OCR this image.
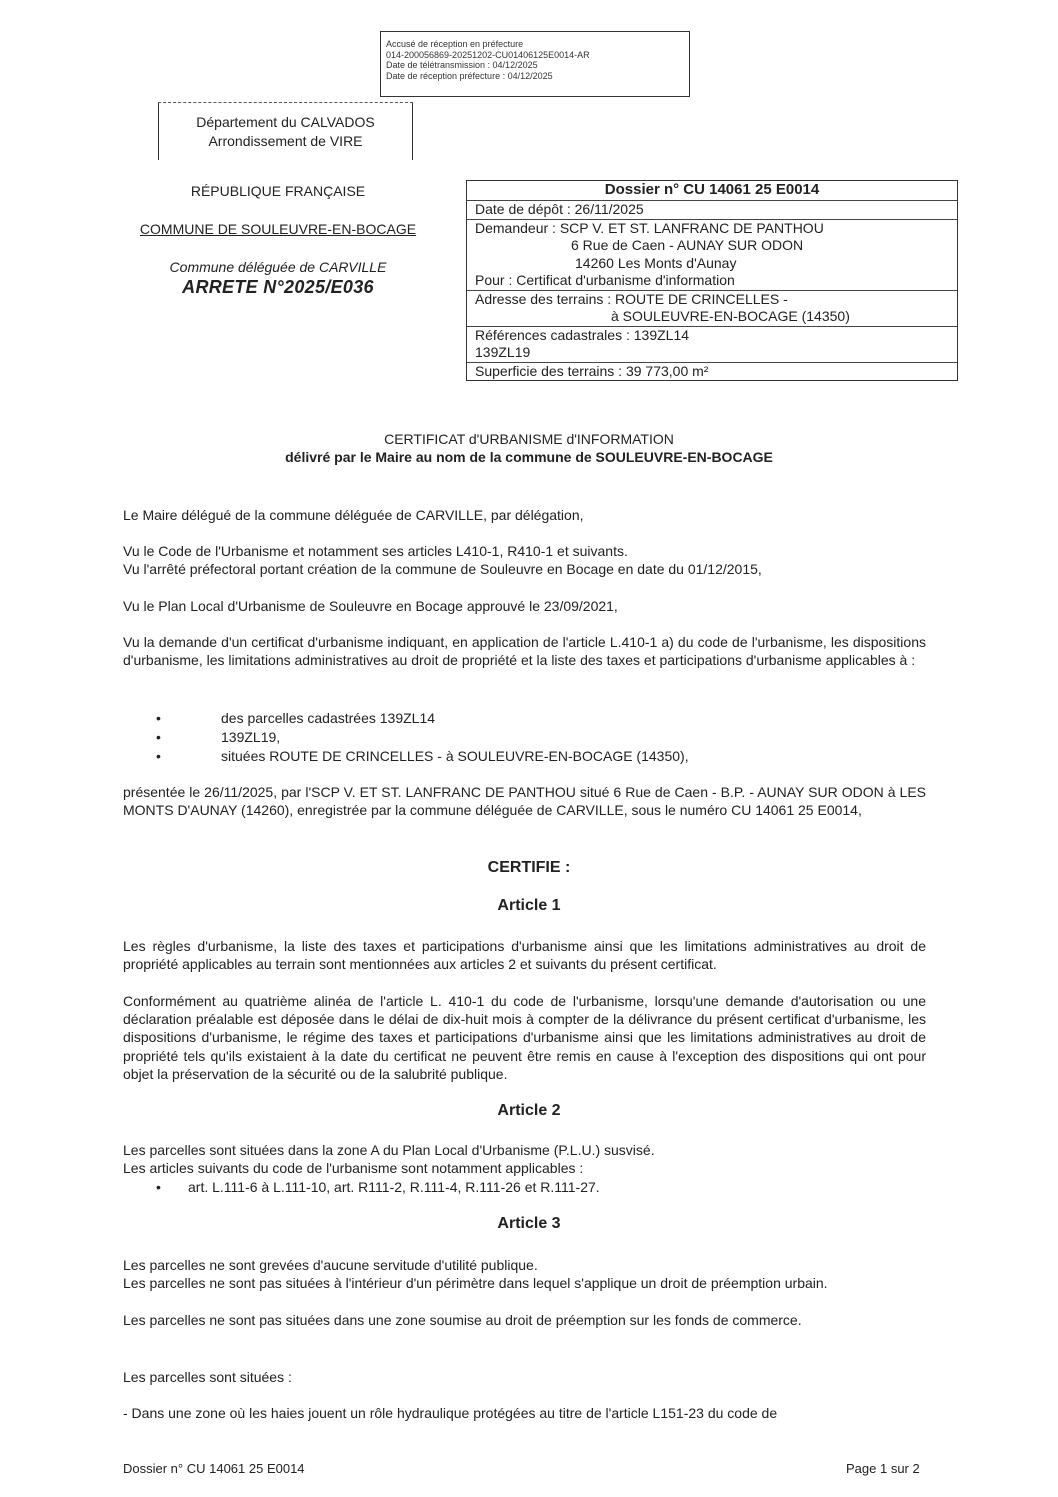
Accusé de réception en préfecture
014-200056869-20251202-CU01406125E0014-AR
Date de télétransmission : 04/12/2025
Date de réception préfecture : 04/12/2025
Département du CALVADOS
Arrondissement de VIRE
RÉPUBLIQUE FRANÇAISE
COMMUNE DE SOULEUVRE-EN-BOCAGE
Commune déléguée de CARVILLE
ARRETE N°2025/E036
Dossier n° CU 14061 25 E0014
Date de dépôt : 26/11/2025
Demandeur : SCP V. ET ST. LANFRANC DE PANTHOU
6 Rue de Caen - AUNAY SUR ODON
14260 Les Monts d'Aunay
Pour : Certificat d'urbanisme d'information
Adresse des terrains : ROUTE DE CRINCELLES -
à SOULEUVRE-EN-BOCAGE (14350)
Références cadastrales : 139ZL14
139ZL19
Superficie des terrains : 39 773,00 m²
CERTIFICAT d'URBANISME d'INFORMATION
délivré par le Maire au nom de la commune de SOULEUVRE-EN-BOCAGE
Le Maire délégué de la commune déléguée de CARVILLE, par délégation,
Vu le Code de l'Urbanisme et notamment ses articles L410-1, R410-1 et suivants.
Vu l'arrêté préfectoral portant création de la commune de Souleuvre en Bocage en date du 01/12/2015,
Vu le Plan Local d'Urbanisme de Souleuvre en Bocage approuvé le 23/09/2021,
Vu la demande d'un certificat d'urbanisme indiquant, en application de l'article L.410-1 a) du code de l'urbanisme, les dispositions d'urbanisme, les limitations administratives au droit de propriété et la liste des taxes et participations d'urbanisme applicables à :
•	des parcelles cadastrées 139ZL14
•	139ZL19,
•	situées ROUTE DE CRINCELLES - à SOULEUVRE-EN-BOCAGE (14350),
présentée le 26/11/2025, par l'SCP V. ET ST. LANFRANC DE PANTHOU situé 6 Rue de Caen - B.P. - AUNAY SUR ODON à LES MONTS D'AUNAY (14260), enregistrée par la commune déléguée de CARVILLE, sous le numéro CU 14061 25 E0014,
CERTIFIE :
Article 1
Les règles d'urbanisme, la liste des taxes et participations d'urbanisme ainsi que les limitations administratives au droit de propriété applicables au terrain sont mentionnées aux articles 2 et suivants du présent certificat.
Conformément au quatrième alinéa de l'article L. 410-1 du code de l'urbanisme, lorsqu'une demande d'autorisation ou une déclaration préalable est déposée dans le délai de dix-huit mois à compter de la délivrance du présent certificat d'urbanisme, les dispositions d'urbanisme, le régime des taxes et participations d'urbanisme ainsi que les limitations administratives au droit de propriété tels qu'ils existaient à la date du certificat ne peuvent être remis en cause à l'exception des dispositions qui ont pour objet la préservation de la sécurité ou de la salubrité publique.
Article 2
Les parcelles sont situées dans la zone A du Plan Local d'Urbanisme (P.L.U.) susvisé.
Les articles suivants du code de l'urbanisme sont notamment applicables :
• art. L.111-6 à L.111-10, art. R111-2, R.111-4, R.111-26 et R.111-27.
Article 3
Les parcelles ne sont grevées d'aucune servitude d'utilité publique.
Les parcelles ne sont pas situées à l'intérieur d'un périmètre dans lequel s'applique un droit de préemption urbain.
Les parcelles ne sont pas situées dans une zone soumise au droit de préemption sur les fonds de commerce.
Les parcelles sont situées :
- Dans une zone où les haies jouent un rôle hydraulique protégées au titre de l'article L151-23 du code de
Dossier n° CU 14061 25 E0014	Page 1 sur 2
